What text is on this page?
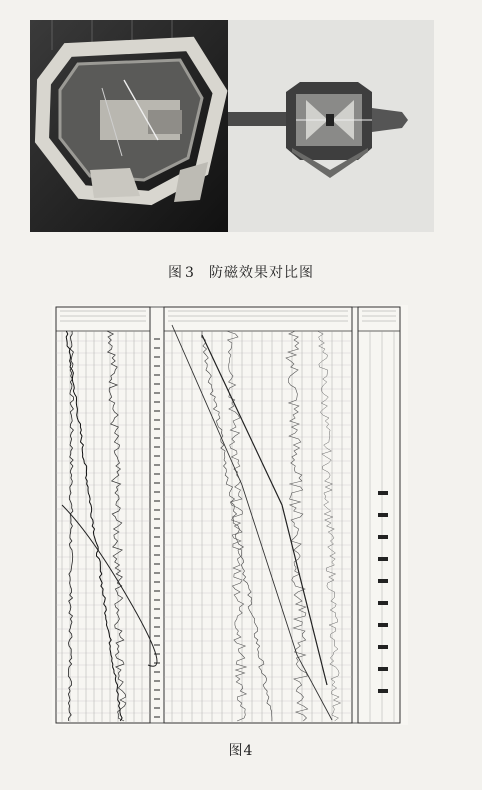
图 3 防磁效果对比图
图4
